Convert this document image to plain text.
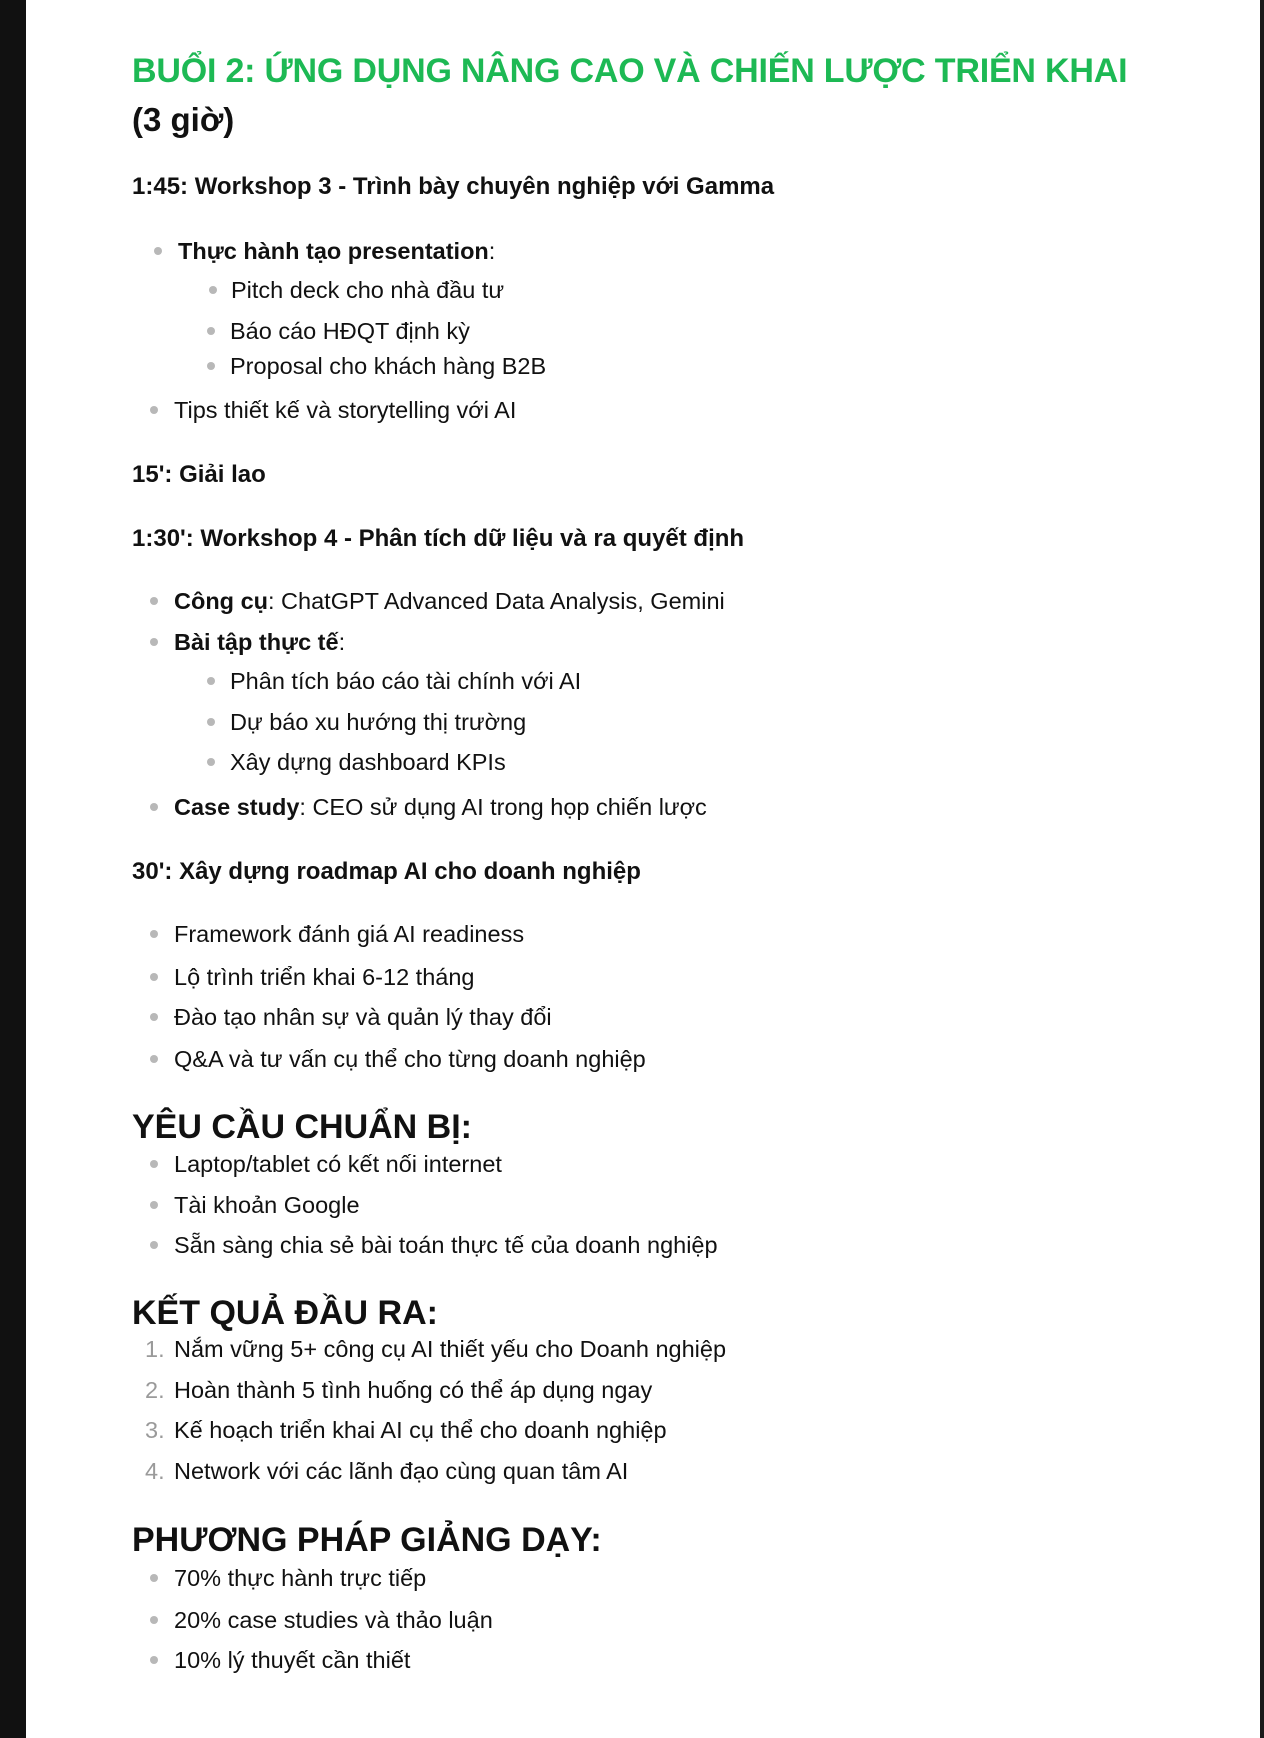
BUỔI 2: ỨNG DỤNG NÂNG CAO VÀ CHIẾN LƯỢC TRIỂN KHAI
(3 giờ)
1:45: Workshop 3 - Trình bày chuyên nghiệp với Gamma
Thực hành tạo presentation:
Pitch deck cho nhà đầu tư
Báo cáo HĐQT định kỳ
Proposal cho khách hàng B2B
Tips thiết kế và storytelling với AI
15': Giải lao
1:30': Workshop 4 - Phân tích dữ liệu và ra quyết định
Công cụ: ChatGPT Advanced Data Analysis, Gemini
Bài tập thực tế:
Phân tích báo cáo tài chính với AI
Dự báo xu hướng thị trường
Xây dựng dashboard KPIs
Case study: CEO sử dụng AI trong họp chiến lược
30': Xây dựng roadmap AI cho doanh nghiệp
Framework đánh giá AI readiness
Lộ trình triển khai 6-12 tháng
Đào tạo nhân sự và quản lý thay đổi
Q&A và tư vấn cụ thể cho từng doanh nghiệp
YÊU CẦU CHUẨN BỊ:
Laptop/tablet có kết nối internet
Tài khoản Google
Sẵn sàng chia sẻ bài toán thực tế của doanh nghiệp
KẾT QUẢ ĐẦU RA:
1. Nắm vững 5+ công cụ AI thiết yếu cho Doanh nghiệp
2. Hoàn thành 5 tình huống có thể áp dụng ngay
3. Kế hoạch triển khai AI cụ thể cho doanh nghiệp
4. Network với các lãnh đạo cùng quan tâm AI
PHƯƠNG PHÁP GIẢNG DẠY:
70% thực hành trực tiếp
20% case studies và thảo luận
10% lý thuyết cần thiết
